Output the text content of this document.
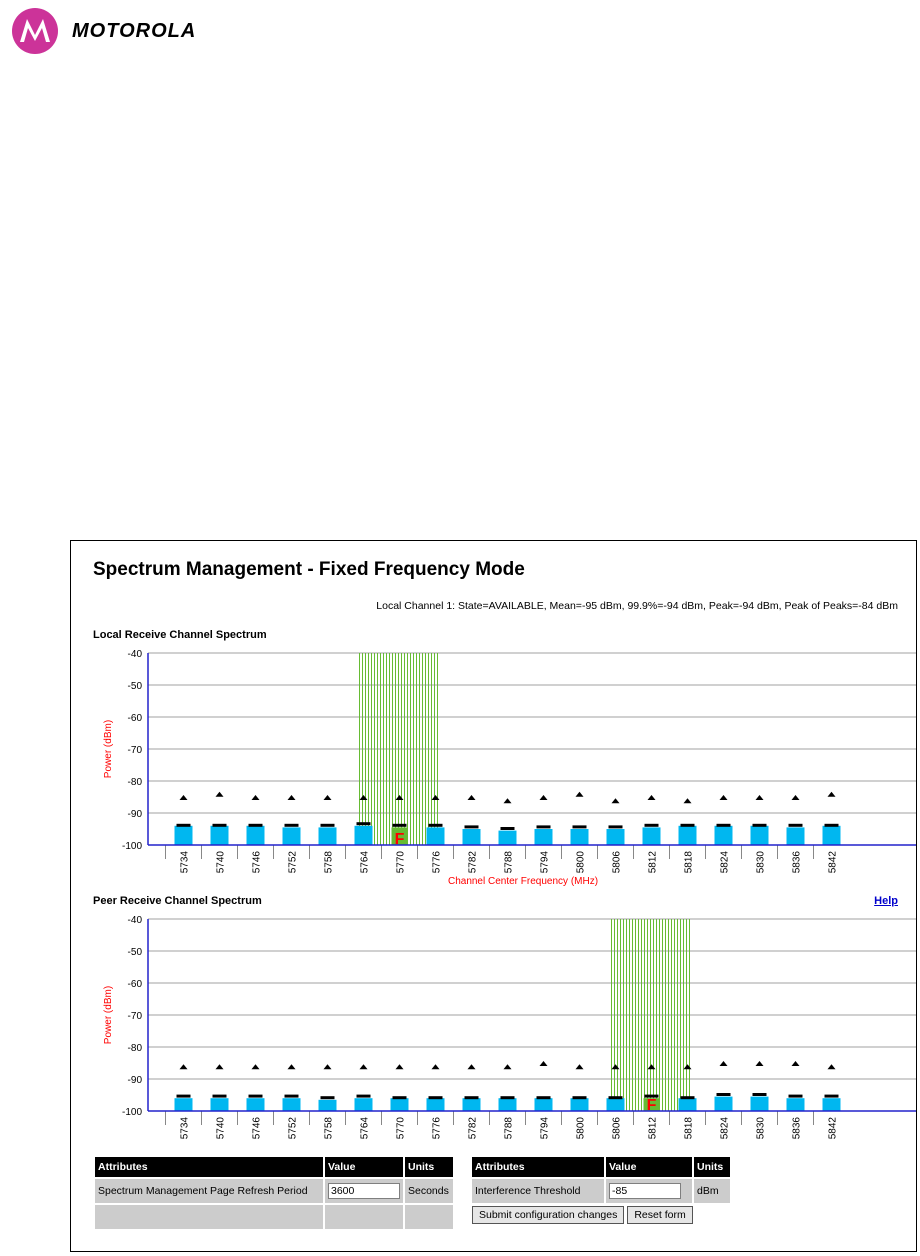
MOTOROLA
Spectrum Management - Fixed Frequency Mode
Local Channel 1: State=AVAILABLE, Mean=-95 dBm, 99.9%=-94 dBm, Peak=-94 dBm, Peak of Peaks=-84 dBm
Local Receive Channel Spectrum
-40
-50
-60
-70
-80
-90
-100
5734	5740	5746	5752	5758	5764
F
5770	5776	5782	5788	5794	5800	5806	5812	5818	5824	5830	5836	5842
Power (dBm)
Channel Center Frequency (MHz)
Peer Receive Channel Spectrum	Help
-40
-50
-60
-70
-80
-90
-100
5734	5740	5746	5752	5758	5764	5770	5776	5782	5788	5794	5800	5806
F
5812	5818	5824	5830	5836	5842
Power (dBm)
Attributes	Value	Units
Spectrum Management Page Refresh Period	3600	Seconds

Attributes	Value	Units
Interference Threshold	-85	dBm
Submit configuration changes Reset form		
